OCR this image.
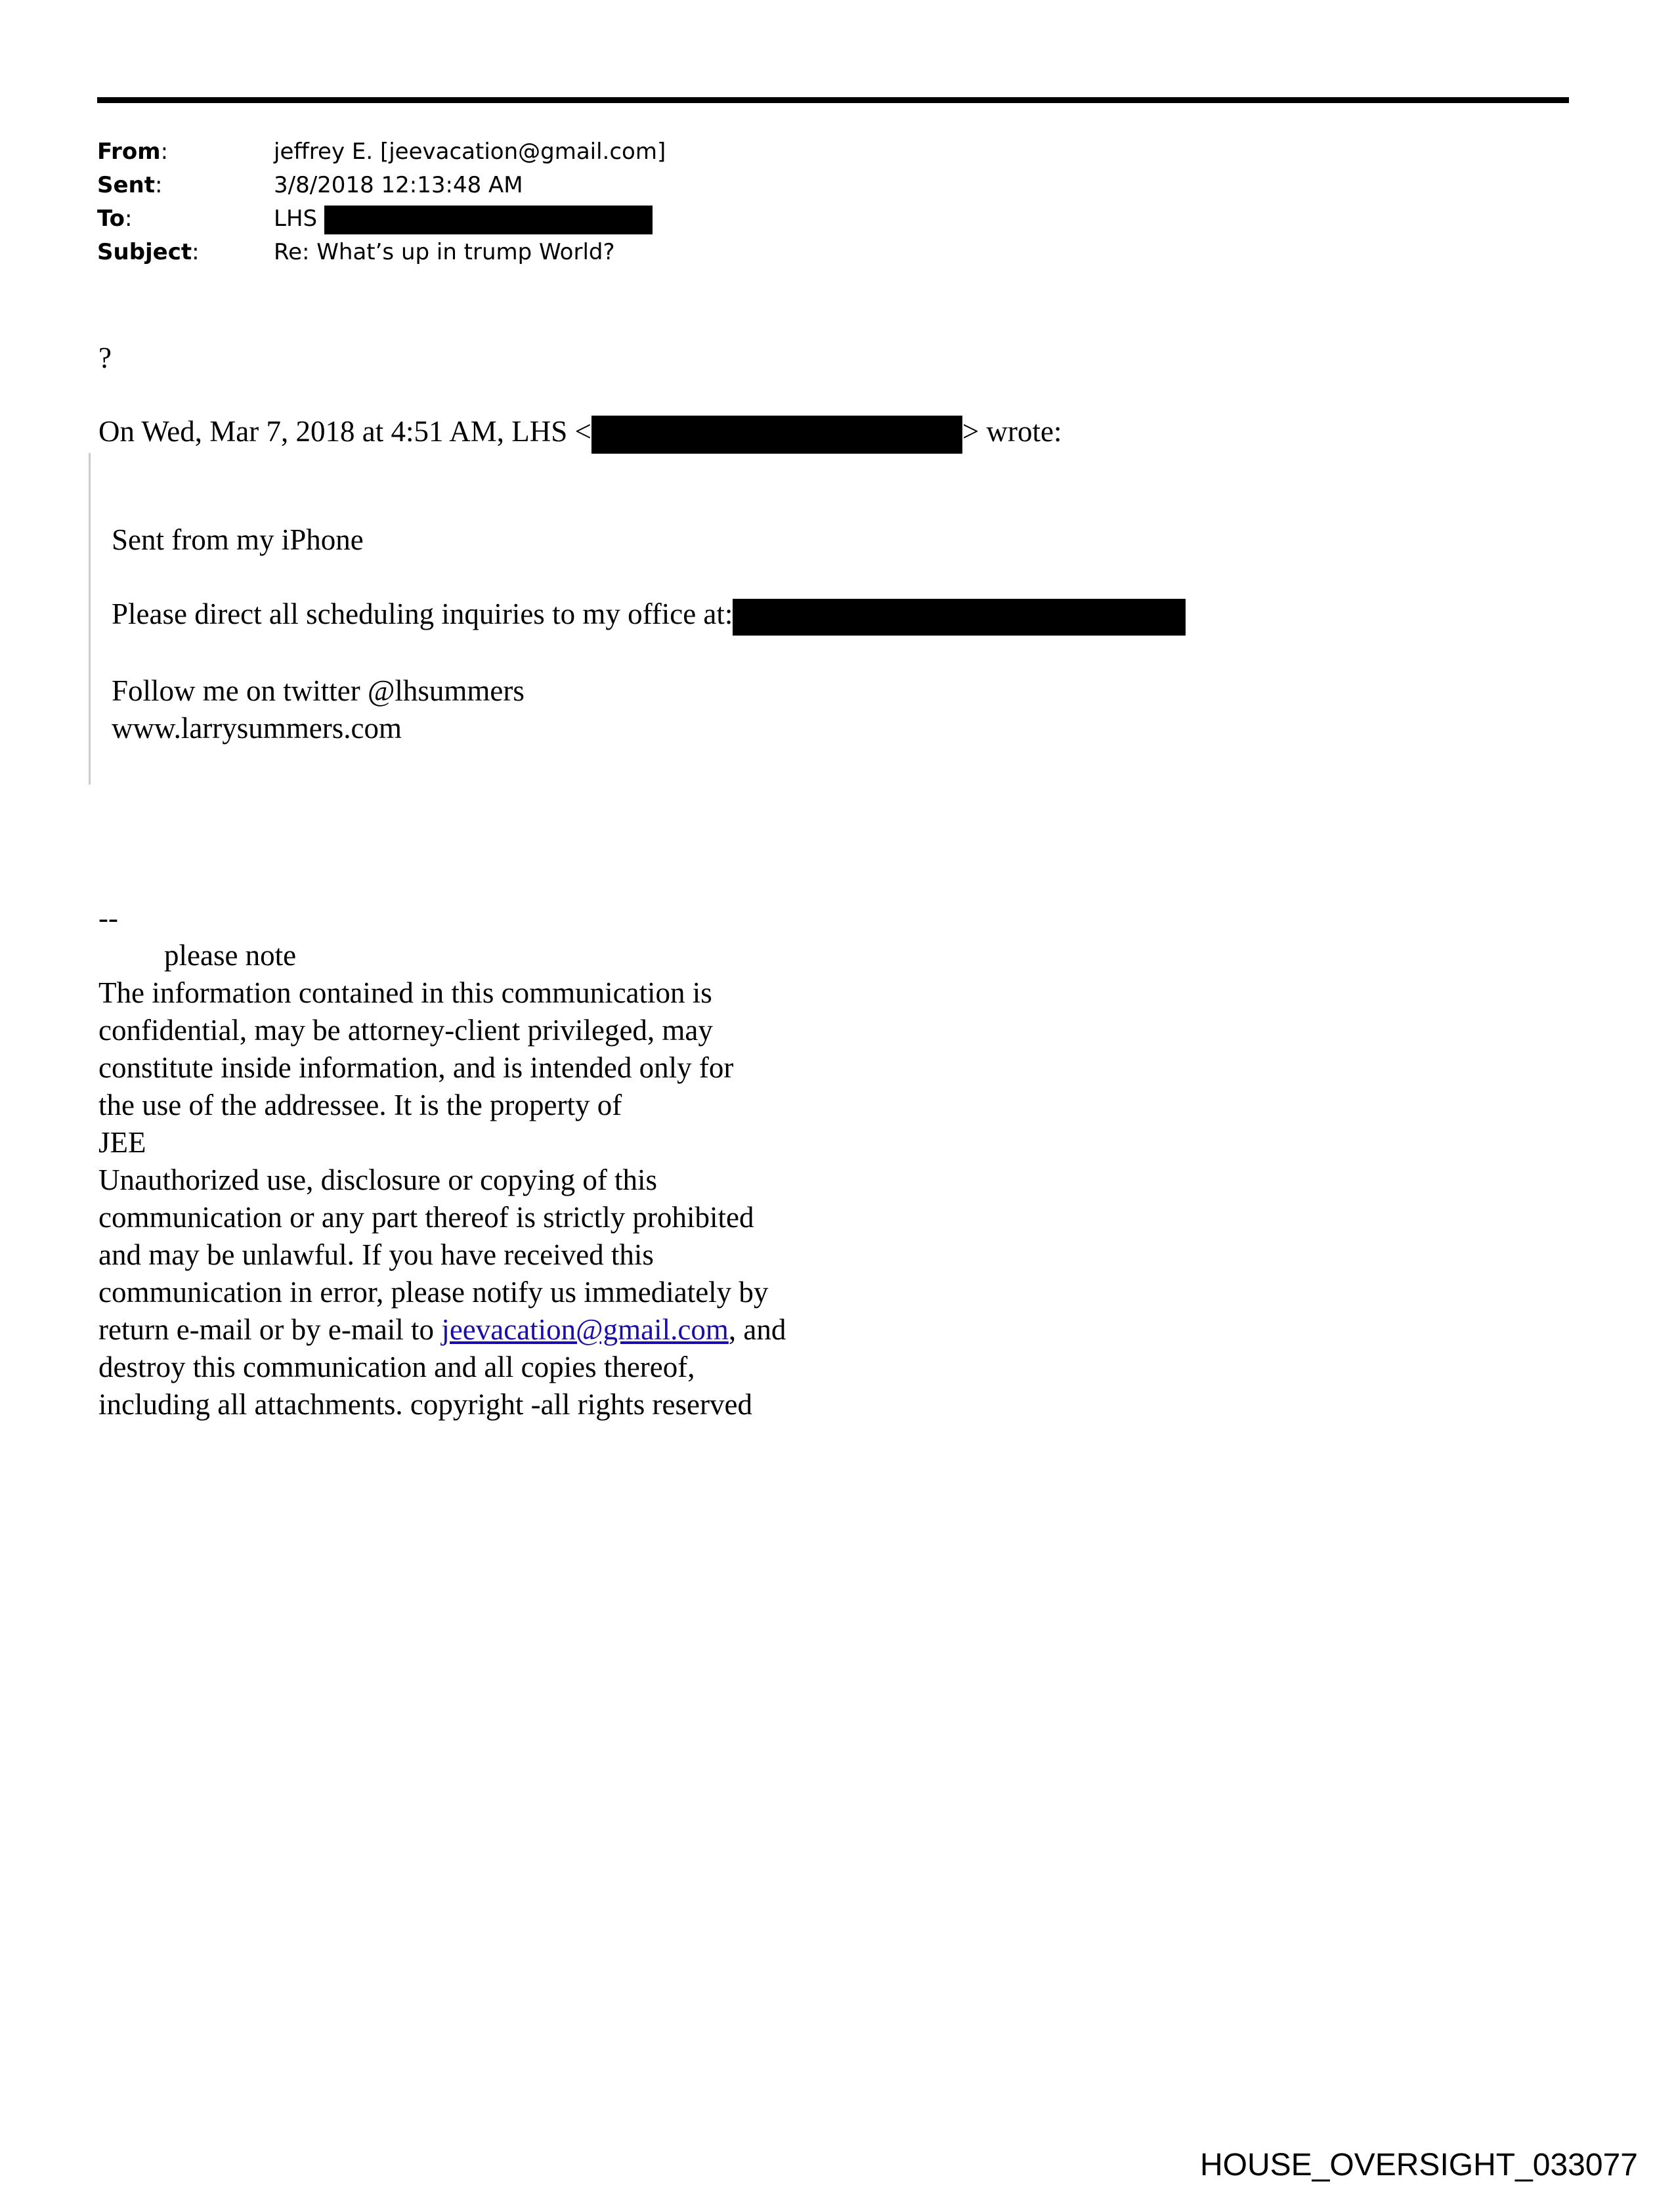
From:	jeffrey E. [jeevacation@gmail.com]
Sent:	3/8/2018 12:13:48 AM
To:	LHS
Subject:	Re: What’s up in trump World?
?
On Wed, Mar 7, 2018 at 4:51 AM, LHS <	> wrote:

Sent from my iPhone

Please direct all scheduling inquiries to my office at:

Follow me on twitter @lhsummers

www.larrysummers.com

--
please note
The information contained in this communication is
confidential, may be attorney-client privileged, may
constitute inside information, and is intended only for
the use of the addressee. It is the property of
JEE
Unauthorized use, disclosure or copying of this
communication or any part thereof is strictly prohibited
and may be unlawful. If you have received this
communication in error, please notify us immediately by
return e-mail or by e-mail to jeevacation@gmail.com, and
destroy this communication and all copies thereof,
including all attachments. copyright -all rights reserved
HOUSE_OVERSIGHT_033077
